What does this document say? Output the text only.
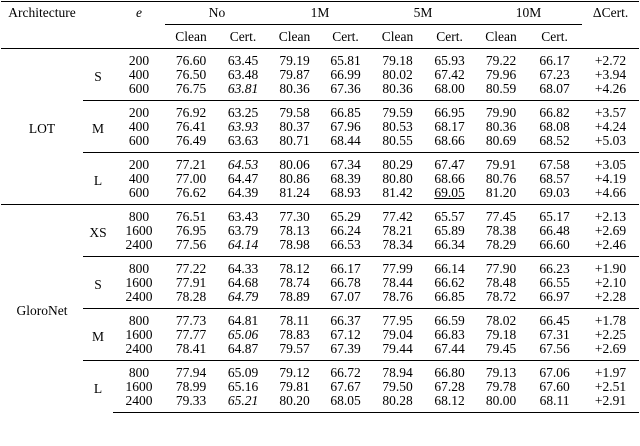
Architecture		e	No		1M		5M		10M		ΔCert.
			Clean	Cert.	Clean	Cert.	Clean	Cert.	Clean	Cert.	
LOT	S	200	76.60	63.45	79.19	65.81	79.18	65.93	79.22	66.17	+2.72
		400	76.50	63.48	79.87	66.99	80.02	67.42	79.96	67.23	+3.94
		600	76.75	63.81	80.36	67.36	80.36	68.00	80.59	68.07	+4.26
	M	200	76.92	63.25	79.58	66.85	79.59	66.95	79.90	66.82	+3.57
		400	76.41	63.93	80.37	67.96	80.53	68.17	80.36	68.08	+4.24
		600	76.49	63.63	80.71	68.44	80.55	68.66	80.69	68.52	+5.03
	L	200	77.21	64.53	80.06	67.34	80.29	67.47	79.91	67.58	+3.05
		400	77.00	64.47	80.86	68.39	80.80	68.66	80.76	68.57	+4.19
		600	76.62	64.39	81.24	68.93	81.42	69.05	81.20	69.03	+4.66
GloroNet	XS	800	76.51	63.43	77.30	65.29	77.42	65.57	77.45	65.17	+2.13
		1600	76.95	63.79	78.13	66.24	78.21	65.89	78.38	66.48	+2.69
		2400	77.56	64.14	78.98	66.53	78.34	66.34	78.29	66.60	+2.46
	S	800	77.22	64.33	78.12	66.17	77.99	66.14	77.90	66.23	+1.90
		1600	77.91	64.68	78.74	66.78	78.44	66.62	78.48	66.55	+2.10
		2400	78.28	64.79	78.89	67.07	78.76	66.85	78.72	66.97	+2.28
	M	800	77.73	64.81	78.11	66.37	77.95	66.59	78.02	66.45	+1.78
		1600	77.77	65.06	78.83	67.12	79.04	66.83	79.18	67.31	+2.25
		2400	78.41	64.87	79.57	67.39	79.44	67.44	79.45	67.56	+2.69
	L	800	77.94	65.09	79.12	66.72	78.94	66.80	79.13	67.06	+1.97
		1600	78.99	65.16	79.81	67.67	79.50	67.28	79.78	67.60	+2.51
		2400	79.33	65.21	80.20	68.05	80.28	68.12	80.00	68.11	+2.91
